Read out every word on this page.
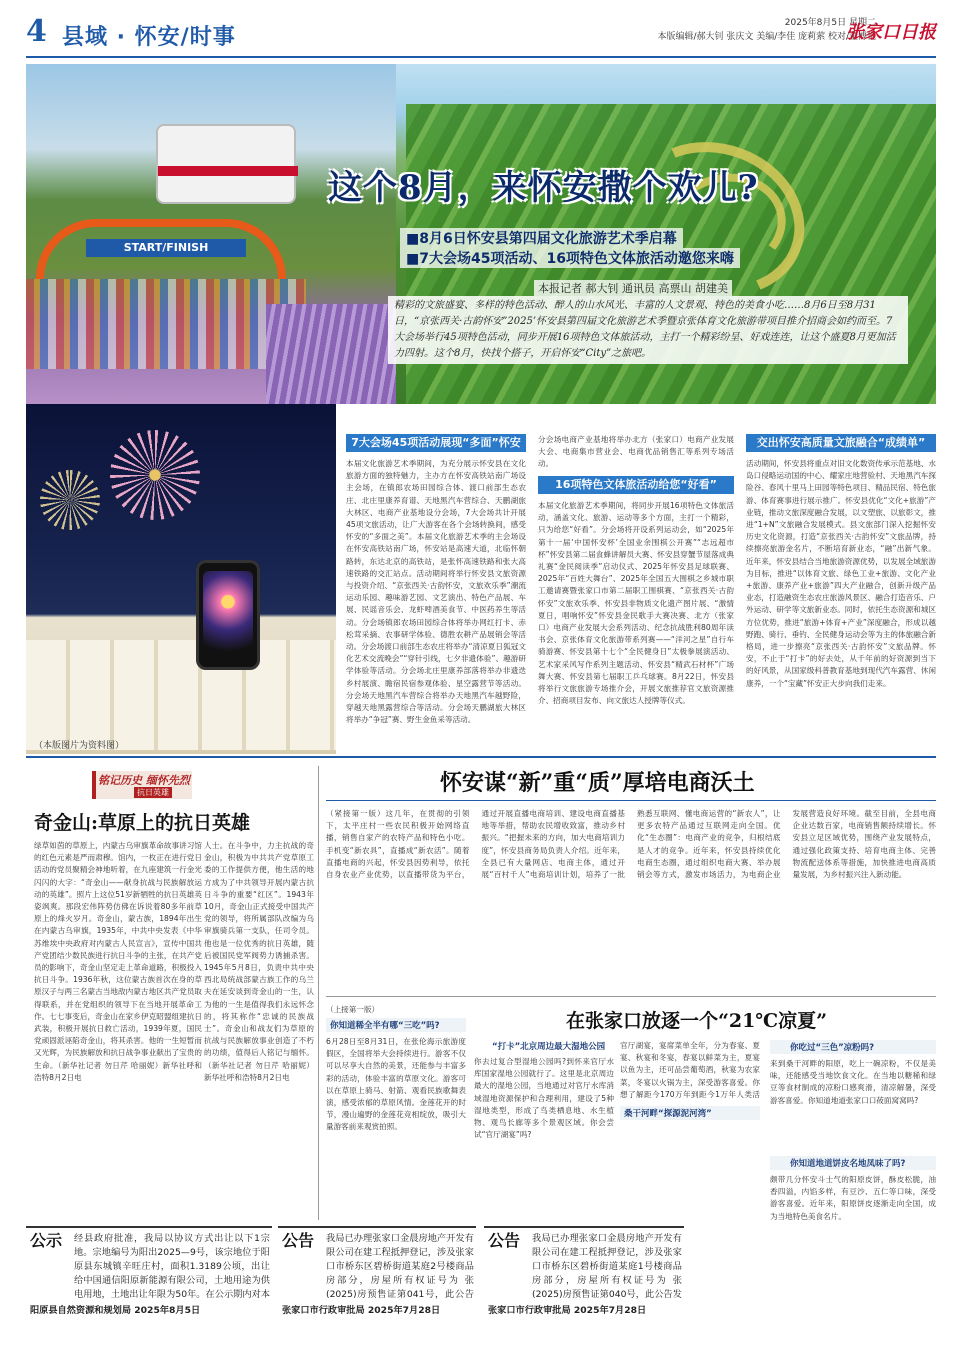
4 县域 · 怀安/时事
2025年8月5日 星期二
本版编辑/郝大钊 张庆文 美编/李佳 庞莉萦 校对/董博悦
张家口日报
START/FINISH
这个8月，来怀安撒个欢儿?
■8月6日怀安县第四届文化旅游艺术季启幕
■7大会场45项活动、16项特色文体旅活动邀您来嗨
本报记者 郝大钊 通讯员 高票山 胡建美
精彩的文旅盛宴、多样的特色活动、醉人的山水风光、丰富的人文景观、特色的美食小吃……8月6日至8月31日，“京张西关·古韵怀安”2025’怀安县第四届文化旅游艺术季暨京张体育文化旅游带项目推介招商会如约而至。7大会场举行45项特色活动，同步开展16项特色文体旅活动，主打一个精彩纷呈、好戏连连，让这个盛夏8月更加活力四射。这个8月，快找个搭子，开启怀安“City”之旅吧。
（本版图片为资料图）
7大会场45项活动展现“多面”怀安
本届文化旅游艺术季期间，为充分展示怀安县在文化旅游方面的独特魅力，主办方在怀安高铁站南广场设主会场，在镇郎农场田园综合体、渡口前部生态农庄、北庄里康养育谱、天地黑汽车营综合、天鹏湖旅大林区、电商产业基地设分会场，7大会场共计开展45项文旅活动，让广大游客在各个会场转换间，感受怀安的“多面之美”。本届文化旅游艺术季的主会场设在怀安高铁站南广场，怀安站是高速大道，北临怀朝路转，东达北京的高铁站，是张怀高速铁路和张大高速铁路的交汇站点。活动期间将举行怀安县文旅资源与投资介绍、“京张西关·古韵怀安，文旅欢乐季”潮流运动乐园、趣味游艺园、文艺演出、特色产品展、车展、民谣音乐会、龙虾啤酒美食节、中医药养生等活动。分会场镇郎农场田园综合体将举办网红打卡、赤松茸采摘、农事研学体验、德胜农耕产品展销会等活动。分会场渡口前部生态农庄将举办“清凉夏日狐冠文化艺术交流晚会”“穿针引线，七夕非遗体验”、趣游研学体验等活动。分会场北庄里康养部落将举办非遗迭乡村展演、瞻宿民宿参观体验、星空露营节等活动。分会场天地黑汽车营综合将举办天地黑汽车越野险，穿越天地黑露营综合等活动。分会场天鹏湖旅大林区将举办“争冠”赛、野生金鱼采等活动。
分会场电商产业基地将举办北方（张家口）电商产业发展大会、电商集市营业会、电商优品销售汇等系列专场活动。
16项特色文体旅活动给您“好看”
本届文化旅游艺术季期间，将同步开展16项特色文体旅活动，涵盖文化、旅游、运动等多个方面，主打一个精彩，只为给您“好看”。分会场将开设系列运动会，如“2025年第十一届‘中国怀安杯’全国业余围棋公开赛”“志远超市杯”怀安县第二届食蜂讲解员大赛、怀安县穿蟹节屋落成典礼赛“金民阅读季”启动仪式、2025年怀安县足球联赛、2025年“百姓大舞台”、2025年全国五大围棋之乡城市职工邀请赛暨张家口市第二届职工围棋赛、“京张西关·古韵怀安”文旅欢乐季、怀安县非物质文化遗产图片展、“激情夏日，唱响怀安”怀安县金民歌手大赛决赛、北方（张家口）电商产业发展大会系列活动、纪念抗战胜利80周年读书会、京张体育文化旅游带系列赛——“洋河之星”自行车骑游赛、怀安县第十七个“全民健身日”太极拳展演活动、艺术家采风写作系列主题活动、怀安县“精武石材杯”广场舞大赛、怀安县第七届职工乒乓球赛。8月22日，怀安县将举行文旅旅游专场推介会，开展文旅推荐官文旅资源推介、招商项目发布、向文旅达人授牌等仪式。
交出怀安高质量文旅融合“成绩单”
活动期间，怀安县将重点对旧文化数资传承示范基地、水岛口侵略运动国的中心、耀家庄地营验村、天地黑汽车探险谷、春风十里马上田园等特色项目、精品民宿、特色旅游、体育赛事进行展示推广。怀安县优化“文化+旅游”产业链，推动文旅深度融合发展，以文塑旅、以旅彰文，推进“1+N”文旅融合发展模式。县文旅部门深入挖掘怀安历史文化资源，打造“京张西关·古韵怀安”文旅品牌，持续擦亮旅游金名片，不断培育新业态，“融”出新气象。近年来，怀安县结合当地旅游资源优势，以发展全域旅游为目标，推进“以体育文旅、绿色工业+旅游、文化产业+旅游、康养产业+旅游”四大产业融合，创新升级产品业态，打造融资生态农庄旅游风景区、融合打造音乐、户外运动、研学等文旅新业态。同时，依托生态资源和城区方位优势，推进“旅游+体育+产业”深度融合，形成以越野跑、骑行、垂钓、全民健身运动会等为主的体旅融合新格局，进一步擦亮“京张西关·古韵怀安”文旅品牌。怀安，不止于“打卡”的好去处，从千年前的好资源到当下的好风景，从国家级科普教育基地到现代汽车露营、休闲康养，一个“宝藏”怀安正大步向我们走来。
铭记历史 缅怀先烈
抗日英雄
奇金山:草原上的抗日英雄
绿草如茵的草原上，内蒙古乌审旗革命故事讲习馆的红色元素是严而肃穆。馆内，一枚正在进行党日活动的党员聚精会神地听着，在九座建筑一行金光闪闪的大字：“奇金山——献身抗战与民族解放运动的英雄”。照片上这位51岁新牺牲的抗日英雄英姿飒爽。那段宏伟阵势仿佛在诉说着80多年前草原上的烽火岁月。奇金山，蒙古族，1894年出生在内蒙古乌审旗，1935年，中共中央发表《中华苏维埃中央政府对内蒙古人民宣言》，宣传中国共产党团结少数民族进行抗日斗争的主张，在共产党员的影响下，奇金山坚定走上革命道路，积极投入抗日斗争。1936年秋，这位蒙古族首次在身的草原汉子与两三名蒙古当地敌内蒙古地区共产党员取得联系，并在党组织的领导下在当地开展革命工作。七七事变后，奇金山在家乡伊克昭盟组建抗日武装，积极开展抗日救亡活动，1939年夏，国民党顽固派诬陷奇金山，将其杀害。他的一生短暂而又光辉，为民族解放和抗日战争事业献出了宝贵的生命。（新华社记者 勿日芹 哈丽妮）新华社呼和浩特8月2日电
人士。在斗争中，力主抗战的奇金山，积极为中共共产党草原工委的工作提供方便，他生活的地方成为了中共领导开展内蒙古抗日斗争的重要“红区”。1943年10月，奇金山正式接受中国共产党的领导，将所属部队改编为乌审旗骑兵第一支队，任司令员。他也是一位优秀的抗日英雄，随后被国民党军阀势力诱捕杀害。1945年5月8日，负责中共中央西北局统战部蒙古族工作的乌兰夫在延安谈到奇金山的一生，认为他的一生是值得我们永远怀念的，将其称作“忠诚的民族战士”。奇金山和战友们为草原的抗战与民族解放事业创造了不朽的功绩，值得后人铭记与缅怀。（新华社记者 勿日芹 哈丽妮）新华社呼和浩特8月2日电
怀安谋“新”重“质”厚培电商沃土
（紧接第一版）这几年，在贯彻的引领下，太平庄村一些农民积极开始网络直播，销售自家产的农特产品和特色小吃。手机变“新农具”，直播成“新农活”。随着直播电商的兴起，怀安县因势利导，依托自身农业产业优势，以直播带货为平台，通过开展直播电商培训、建设电商直播基地等举措，帮助农民增收致富，推动乡村振兴。“把握未来的方向，加大电商培训力度”，怀安县商务局负责人介绍。近年来，全县已有大量网店、电商主体，通过开展“百村千人”电商培训计划，培养了一批熟悉互联网、懂电商运营的“新农人”，让更多农特产品通过互联网走向全国。优化“生态圈”：电商产业的竞争，归根结底是人才的竞争。近年来，怀安县持续优化电商生态圈，通过组织电商大赛、举办展销会等方式，激发市场活力，为电商企业发展营造良好环境。截至目前，全县电商企业达数百家，电商销售额持续增长。怀安县立足区域优势，围绕产业发展特点，通过强化政策支持、培育电商主体、完善物流配送体系等措施，加快推进电商高质量发展，为乡村振兴注入新动能。
（上接第一版）
你知道稀全半有哪“三吃”吗?
6月28日至8月31日，在张伦海示旅游度假区，全国将举大会持续进行。游客不仅可以尽享大自然的美景，还能参与丰富多彩的活动，体验丰富的草原文化。游客可以在草原上骑马、射箭、观看民族歌舞表演，感受浓郁的草原风情。金莲花开的时节，漫山遍野的金莲花竞相绽放，吸引大量游客前来观赏拍照。
在张家口放逐一个“21℃凉夏”
“打卡”北京周边最大湿地公园
你去过复合型湿地公园吗?到怀来官厅水库国家湿地公园就行了。这里是北京周边最大的湿地公园，当地通过对官厅水库消域湿地资源保护和合理利用，建设了5种湿地类型，形成了鸟类栖息地、水生植物、观鸟长廊等多个景观区域。你会尝试“官厅湖宴”吗?
官厅湖宴，宴席菜单全年，分为春宴、夏宴、秋宴和冬宴，春宴以鲜菜为主，夏宴以鱼为主，还可品尝葡萄酒，秋宴为农家菜，冬宴以火锅为主，深受游客喜爱。你想了解距今170万年到距今1万年人类活
桑干河畔“探源泥河湾”
你吃过“三色”凉粉吗?
来到桑干河畔的阳原，吃上一碗凉粉，不仅是美味，还能感受当地饮食文化。在当地以糖稀和绿豆等食材制成的凉粉口感爽滑，清凉解暑，深受游客喜爱。你知道地道张家口口莜面窝窝吗?
你知道地道饼皮名地凤味了吗?
颇带几分怀安斗士气的阳原皮饼，酥皮松脆，油香四溢，内馅多样，有豆沙、五仁等口味，深受游客喜爱。近年来，阳原饼皮逐渐走向全国，成为当地特色美食名片。
公示 经县政府批准，我局以协议方式出让以下1宗地。宗地编号为阳出2025—9号，该宗地位于阳原县东城镇辛旺庄村，面积1.3189公顷，出让给中国通信阳原新能源有限公司，土地用途为供电用地，土地出让年限为50年。在公示期内对本
阳原县自然资源和规划局 2025年8月5日
公告 我局已办理张家口金晨房地产开发有限公司在建工程抵押登记，涉及张家口市桥东区碧桥街道某庭2号楼商品房部分，房屋所有权证号为 张(2025)房预售证第041号，此公告
张家口市行政审批局 2025年7月28日
公告 我局已办理张家口金晨房地产开发有限公司在建工程抵押登记，涉及张家口市桥东区碧桥街道某庭1号楼商品房部分，房屋所有权证号为 张(2025)房预售证第040号，此公告发
张家口市行政审批局 2025年7月28日
